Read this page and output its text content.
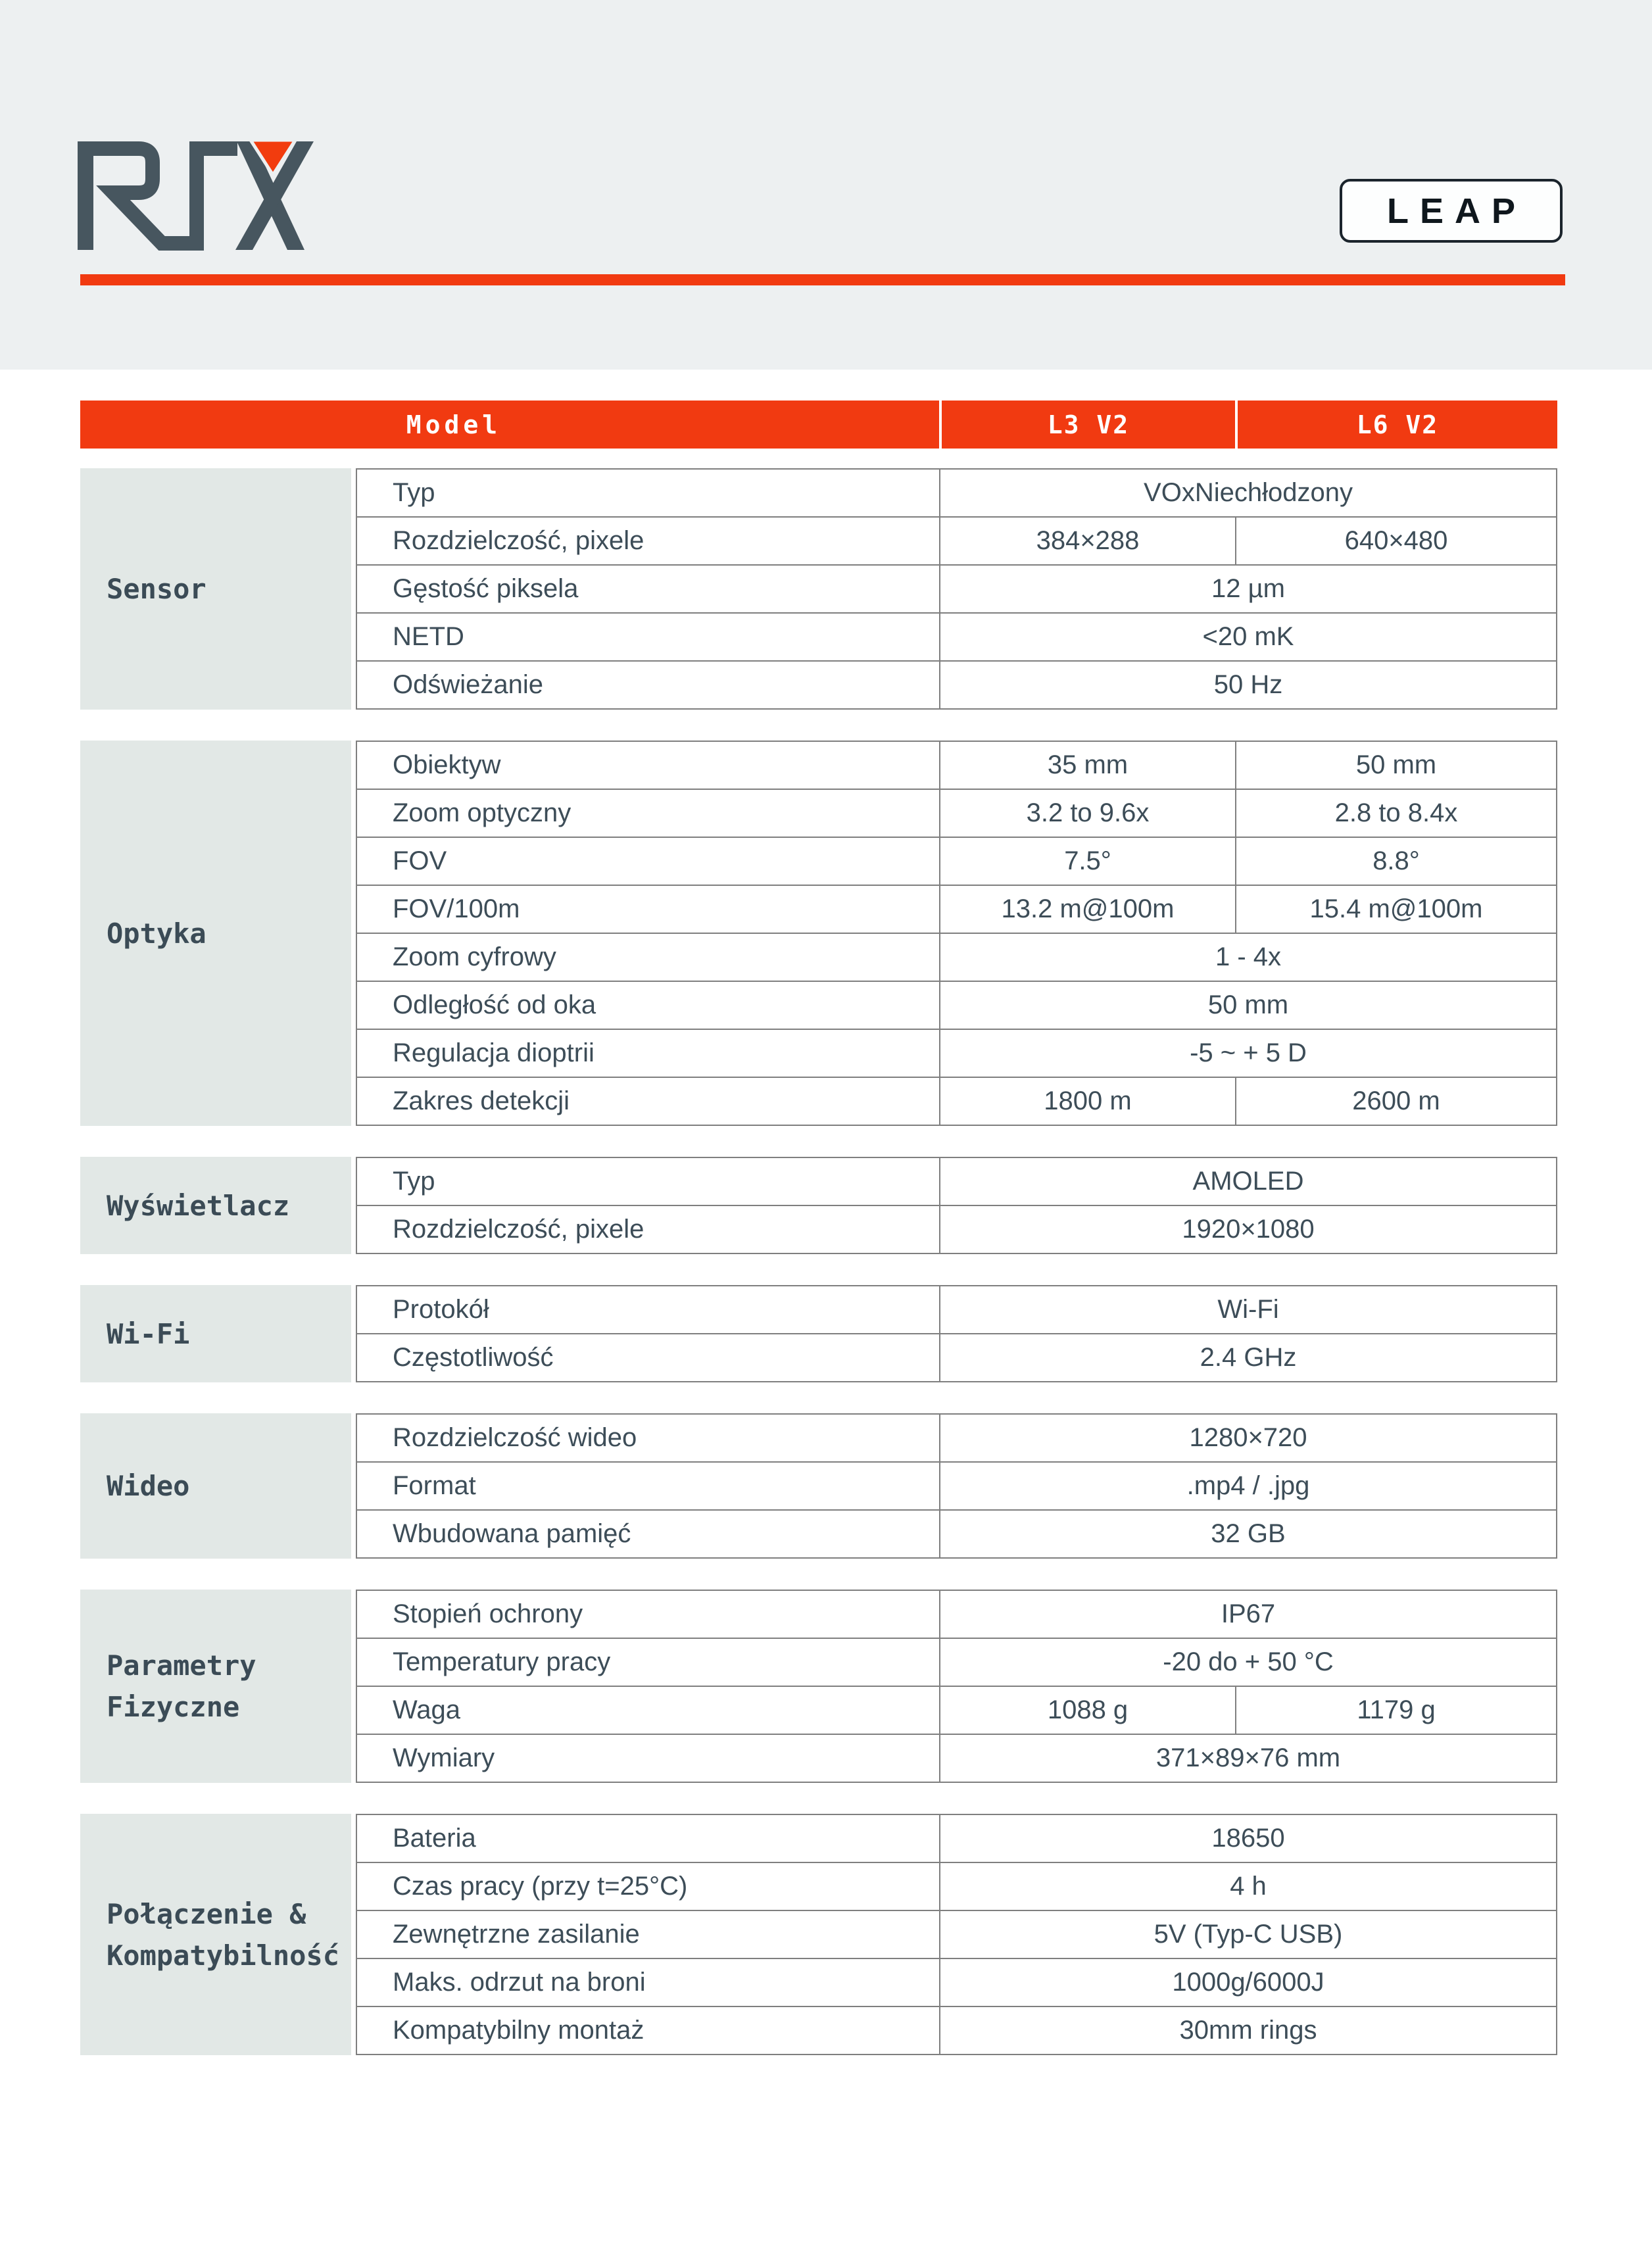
LEAP
Model	L3 V2	L6 V2
Sensor
Typ	VOxNiechłodzony
Rozdzielczość, pixele	384×288	640×480
Gęstość piksela	12 µm
NETD	<20 mK
Odświeżanie	50 Hz
Optyka
Obiektyw	35 mm	50 mm
Zoom optyczny	3.2 to 9.6x	2.8 to 8.4x
FOV	7.5°	8.8°
FOV/100m	13.2 m@100m	15.4 m@100m
Zoom cyfrowy	1 - 4x
Odległość od oka	50 mm
Regulacja dioptrii	-5 ~ + 5 D
Zakres detekcji	1800 m	2600 m
Wyświetlacz
Typ	AMOLED
Rozdzielczość, pixele	1920×1080
Wi-Fi
Protokół	Wi-Fi
Częstotliwość	2.4 GHz
Wideo
Rozdzielczość wideo	1280×720
Format	.mp4 / .jpg
Wbudowana pamięć	32 GB
Parametry Fizyczne
Stopień ochrony	IP67
Temperatury pracy	-20 do + 50 °C
Waga	1088 g	1179 g
Wymiary	371×89×76 mm
Połączenie & Kompatybilność
Bateria	18650
Czas pracy (przy t=25°C)	4 h
Zewnętrzne zasilanie	5V (Typ-C USB)
Maks. odrzut na broni	1000g/6000J
Kompatybilny montaż	30mm rings
